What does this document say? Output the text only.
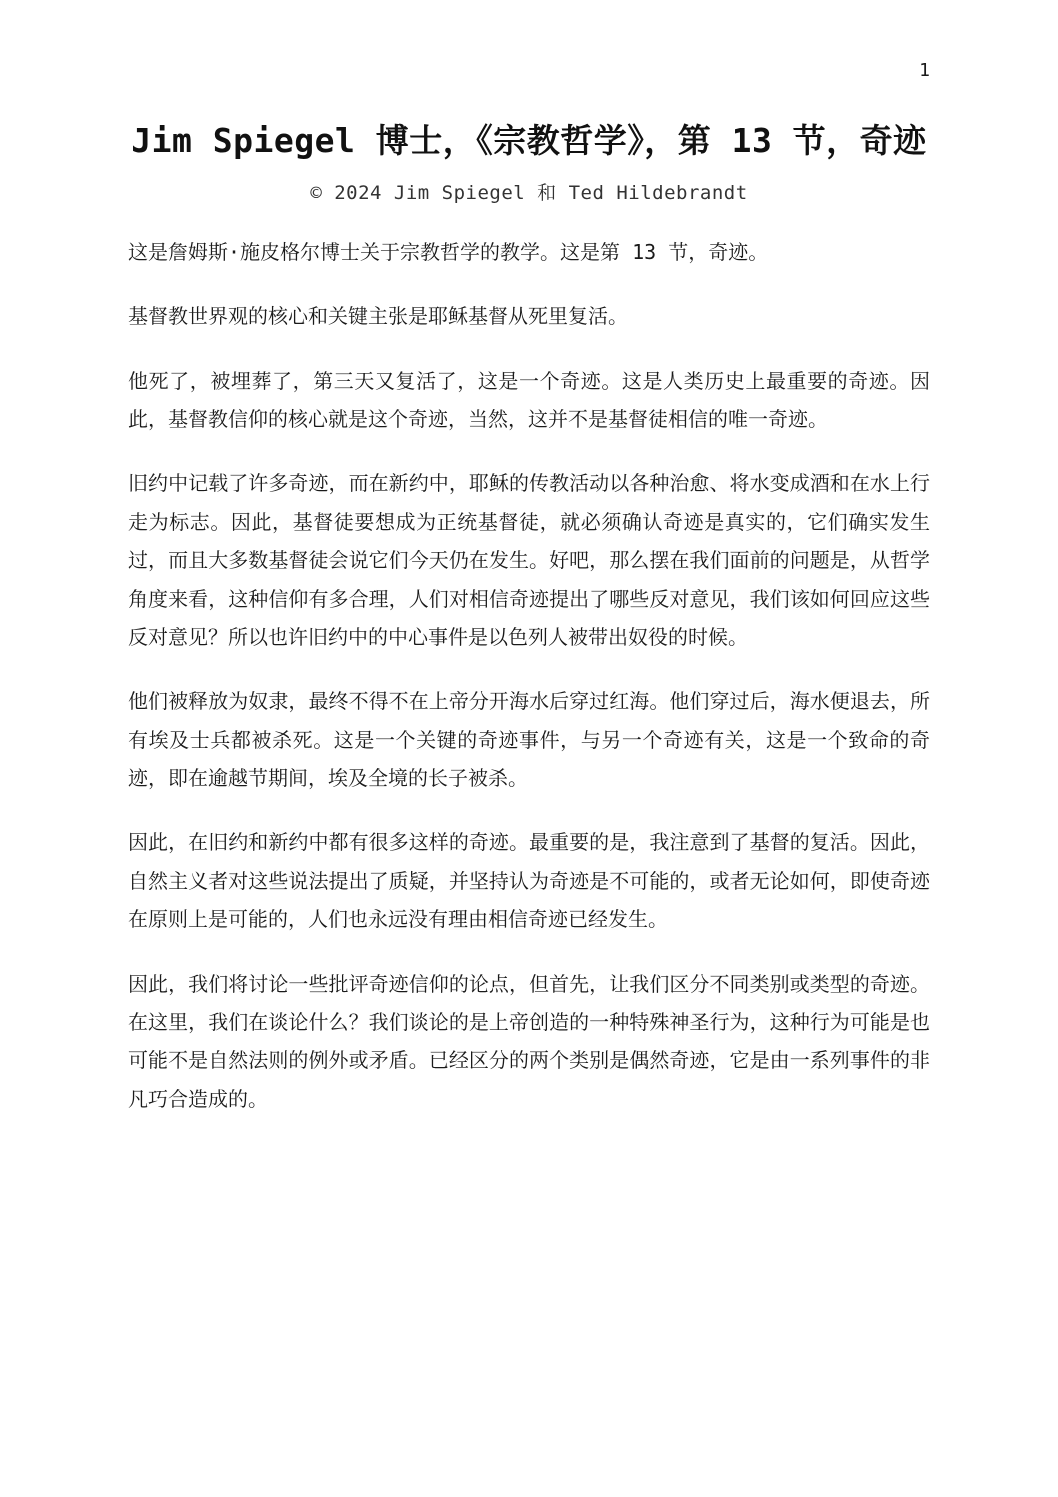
1
Jim Spiegel 博士，《宗教哲学》，第 13 节，奇迹
© 2024 Jim Spiegel 和 Ted Hildebrandt

这是詹姆斯·施皮格尔博士关于宗教哲学的教学。这是第 13 节，奇迹。

基督教世界观的核心和关键主张是耶稣基督从死里复活。

他死了，被埋葬了，第三天又复活了，这是一个奇迹。这是人类历史上最重要的奇迹。因此，基督教信仰的核心就是这个奇迹，当然，这并不是基督徒相信的唯一奇迹。

旧约中记载了许多奇迹，而在新约中，耶稣的传教活动以各种治愈、将水变成酒和在水上行走为标志。因此，基督徒要想成为正统基督徒，就必须确认奇迹是真实的，它们确实发生过，而且大多数基督徒会说它们今天仍在发生。好吧，那么摆在我们面前的问题是，从哲学角度来看，这种信仰有多合理，人们对相信奇迹提出了哪些反对意见，我们该如何回应这些反对意见？所以也许旧约中的中心事件是以色列人被带出奴役的时候。

他们被释放为奴隶，最终不得不在上帝分开海水后穿过红海。他们穿过后，海水便退去，所有埃及士兵都被杀死。这是一个关键的奇迹事件，与另一个奇迹有关，这是一个致命的奇迹，即在逾越节期间，埃及全境的长子被杀。

因此，在旧约和新约中都有很多这样的奇迹。最重要的是，我注意到了基督的复活。因此，自然主义者对这些说法提出了质疑，并坚持认为奇迹是不可能的，或者无论如何，即使奇迹在原则上是可能的，人们也永远没有理由相信奇迹已经发生。

因此，我们将讨论一些批评奇迹信仰的论点，但首先，让我们区分不同类别或类型的奇迹。在这里，我们在谈论什么？我们谈论的是上帝创造的一种特殊神圣行为，这种行为可能是也可能不是自然法则的例外或矛盾。已经区分的两个类别是偶然奇迹，它是由一系列事件的非凡巧合造成的。
